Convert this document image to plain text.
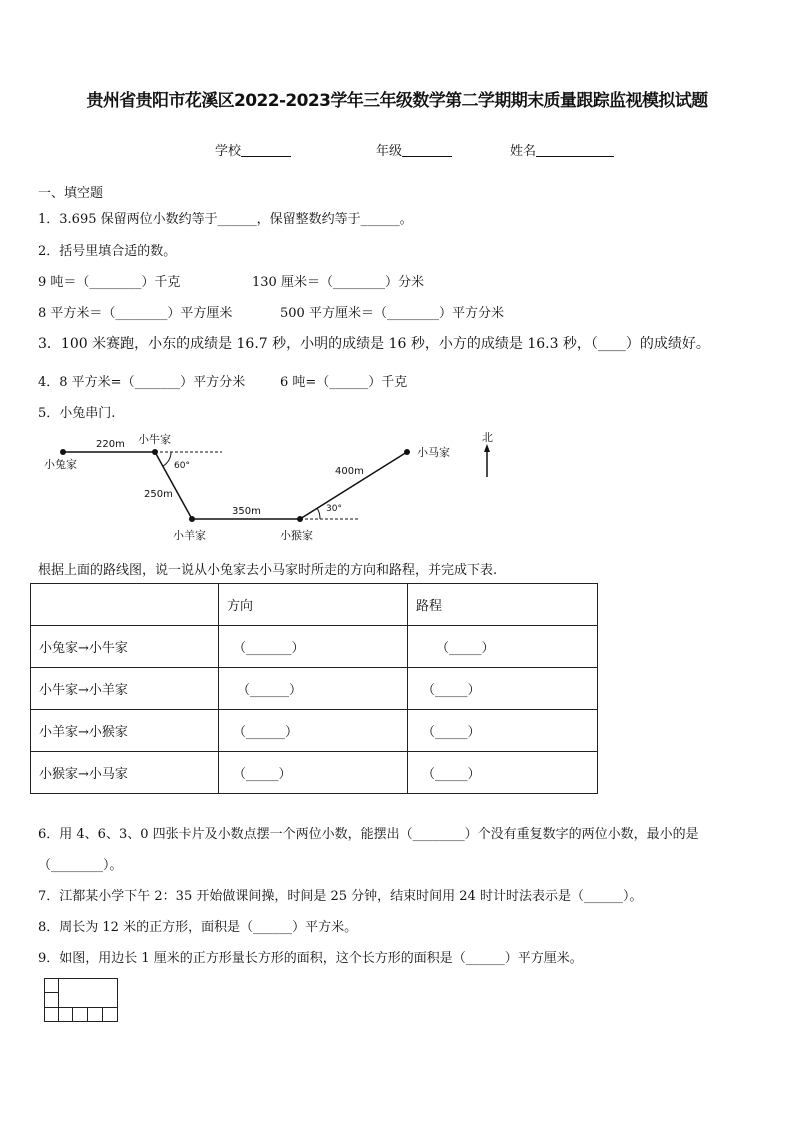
贵州省贵阳市花溪区2022-2023学年三年级数学第二学期期末质量跟踪监视模拟试题
学校	年级	姓名
一、填空题
1．3.695 保留两位小数约等于______，保留整数约等于______。
2．括号里填合适的数。
9 吨＝（________）千克	130 厘米＝（________）分米
8 平方米＝（________）平方厘米	500 平方厘米＝（________）平方分米
3．100 米赛跑，小东的成绩是 16.7 秒，小明的成绩是 16 秒，小方的成绩是 16.3 秒，（____）的成绩好。
4．8 平方米=（_______）平方分米	6 吨=（______）千克
5．小兔串门.
小兔家
小牛家
小羊家	小猴家
小马家
220m
250m
350m
400m
60°
30°
北
根据上面的路线图，说一说从小兔家去小马家时所走的方向和路程，并完成下表.
	方向	路程
小兔家→小牛家	（_______）	（_____）
小牛家→小羊家	（______）	（_____）
小羊家→小猴家	（______）	（_____）
小猴家→小马家	（_____）	（_____）
6．用 4、6、3、0 四张卡片及小数点摆一个两位小数，能摆出（________）个没有重复数字的两位小数，最小的是
（________）。
7．江都某小学下午 2：35 开始做课间操，时间是 25 分钟，结束时间用 24 时计时法表示是（______）。
8．周长为 12 米的正方形，面积是（______）平方米。
9．如图，用边长 1 厘米的正方形量长方形的面积，这个长方形的面积是（______）平方厘米。
